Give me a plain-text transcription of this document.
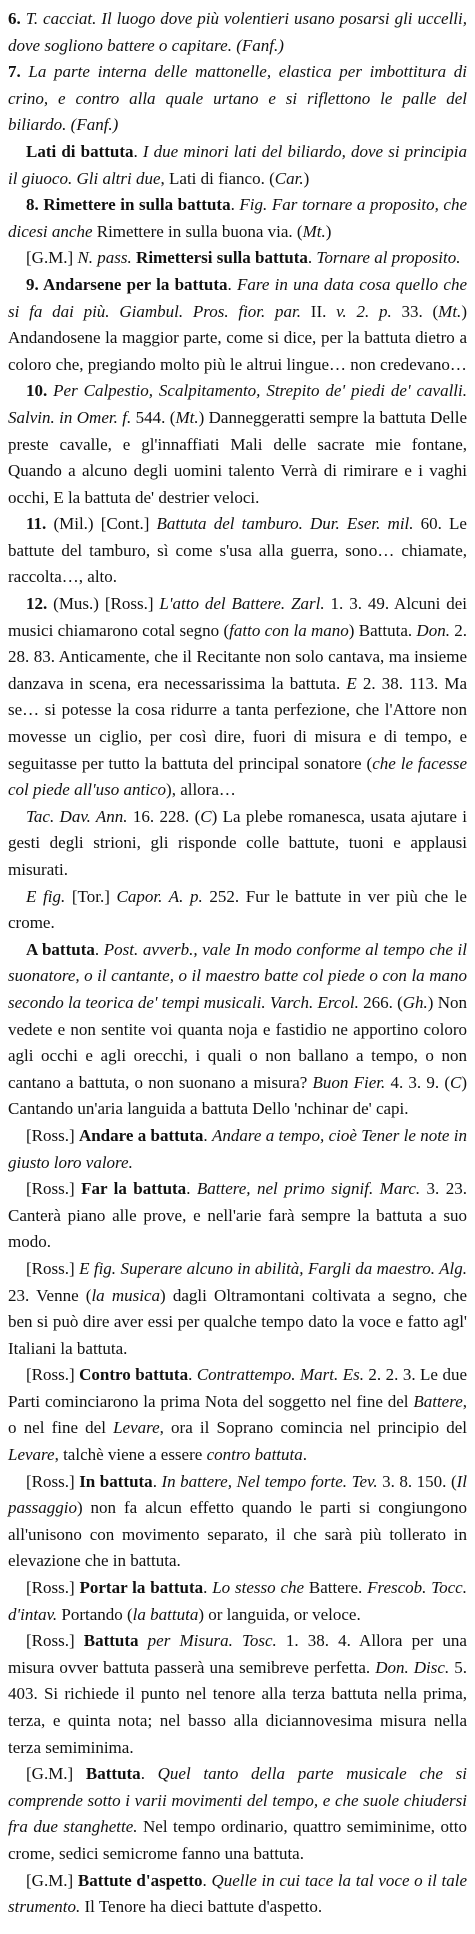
6. T. cacciat. Il luogo dove più volentieri usano posarsi gli uccelli, dove sogliono battere o capitare. (Fanf.)

7. La parte interna delle mattonelle, elastica per imbottitura di crino, e contro alla quale urtano e si riflettono le palle del biliardo. (Fanf.)

Lati di battuta. I due minori lati del biliardo, dove si principia il giuoco. Gli altri due, Lati di fianco. (Car.)

8. Rimettere in sulla battuta. Fig. Far tornare a proposito, che dicesi anche Rimettere in sulla buona via. (Mt.)

[G.M.] N. pass. Rimettersi sulla battuta. Tornare al proposito.

9. Andarsene per la battuta. Fare in una data cosa quello che si fa dai più. Giambul. Pros. fior. par. II. v. 2. p. 33. (Mt.) Andandosene la maggior parte, come si dice, per la battuta dietro a coloro che, pregiando molto più le altrui lingue… non credevano…

10. Per Calpestio, Scalpitamento, Strepito de' piedi de' cavalli. Salvin. in Omer. f. 544. (Mt.) Danneggeratti sempre la battuta Delle preste cavalle, e gl'innaffiati Mali delle sacrate mie fontane, Quando a alcuno degli uomini talento Verrà di rimirare e i vaghi occhi, E la battuta de' destrier veloci.

11. (Mil.) [Cont.] Battuta del tamburo. Dur. Eser. mil. 60. Le battute del tamburo, sì come s'usa alla guerra, sono… chiamate, raccolta…, alto.

12. (Mus.) [Ross.] L'atto del Battere. Zarl. 1. 3. 49. Alcuni dei musici chiamarono cotal segno (fatto con la mano) Battuta. Don. 2. 28. 83. Anticamente, che il Recitante non solo cantava, ma insieme danzava in scena, era necessarissima la battuta. E 2. 38. 113. Ma se… si potesse la cosa ridurre a tanta perfezione, che l'Attore non movesse un ciglio, per così dire, fuori di misura e di tempo, e seguitasse per tutto la battuta del principal sonatore (che le facesse col piede all'uso antico), allora…

Tac. Dav. Ann. 16. 228. (C) La plebe romanesca, usata ajutare i gesti degli strioni, gli risponde colle battute, tuoni e applausi misurati.

E fig. [Tor.] Capor. A. p. 252. Fur le battute in ver più che le crome.

A battuta. Post. avverb., vale In modo conforme al tempo che il suonatore, o il cantante, o il maestro batte col piede o con la mano secondo la teorica de' tempi musicali. Varch. Ercol. 266. (Gh.) Non vedete e non sentite voi quanta noja e fastidio ne apportino coloro agli occhi e agli orecchi, i quali o non ballano a tempo, o non cantano a battuta, o non suonano a misura? Buon Fier. 4. 3. 9. (C) Cantando un'aria languida a battuta Dello 'nchinar de' capi.

[Ross.] Andare a battuta. Andare a tempo, cioè Tener le note in giusto loro valore.

[Ross.] Far la battuta. Battere, nel primo signif. Marc. 3. 23. Canterà piano alle prove, e nell'arie farà sempre la battuta a suo modo.

[Ross.] E fig. Superare alcuno in abilità, Fargli da maestro. Alg. 23. Venne (la musica) dagli Oltramontani coltivata a segno, che ben si può dire aver essi per qualche tempo dato la voce e fatto agl' Italiani la battuta.

[Ross.] Contro battuta. Contrattempo. Mart. Es. 2. 2. 3. Le due Parti cominciarono la prima Nota del soggetto nel fine del Battere, o nel fine del Levare, ora il Soprano comincia nel principio del Levare, talchè viene a essere contro battuta.

[Ross.] In battuta. In battere, Nel tempo forte. Tev. 3. 8. 150. (Il passaggio) non fa alcun effetto quando le parti si congiungono all'unisono con movimento separato, il che sarà più tollerato in elevazione che in battuta.

[Ross.] Portar la battuta. Lo stesso che Battere. Frescob. Tocc. d'intav. Portando (la battuta) or languida, or veloce.

[Ross.] Battuta per Misura. Tosc. 1. 38. 4. Allora per una misura ovver battuta passerà una semibreve perfetta. Don. Disc. 5. 403. Si richiede il punto nel tenore alla terza battuta nella prima, terza, e quinta nota; nel basso alla diciannovesima misura nella terza semiminima.

[G.M.] Battuta. Quel tanto della parte musicale che si comprende sotto i varii movimenti del tempo, e che suole chiudersi fra due stanghette. Nel tempo ordinario, quattro semiminime, otto crome, sedici semicrome fanno una battuta.

[G.M.] Battute d'aspetto. Quelle in cui tace la tal voce o il tale strumento. Il Tenore ha dieci battute d'aspetto.
